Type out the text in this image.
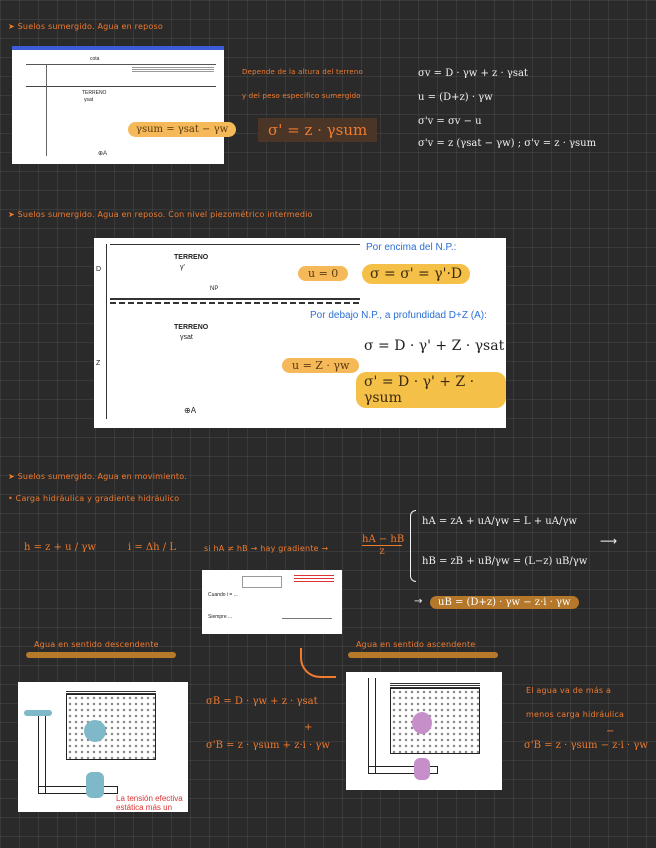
➤ Suelos sumergido. Agua en reposo
cota
TERRENO
γsat
⊕A
γsum = γsat − γw
Depende de la altura del terreno
y del peso específico sumergido
σ' = z · γsum
σv = D · γw + z · γsat
u = (D+z) · γw
σ'v = σv − u
σ'v = z (γsat − γw) ; σ'v = z · γsum
➤ Suelos sumergido. Agua en reposo. Con nivel piezométrico intermedio
D
Z
TERRENO
γ'
NP
TERRENO
γsat
⊕A
u = 0
Por encima del N.P.:
σ = σ' = γ'·D
Por debajo N.P., a profundidad D+Z (A):
σ = D · γ' + Z · γsat
u = Z · γw
σ' = D · γ' + Z · γsum
➤ Suelos sumergido. Agua en movimiento.
• Carga hidráulica y gradiente hidráulico
h = z + u / γw	i = Δh / L	si hA ≠ hB → hay gradiente →	$\frac{hA - hB}{z}$
hA = zA + uA/γw = L + uA/γw
hB = zB + uB/γw = (L−z) uB/γw
⟶
uB = (D+z) · γw − z·i · γw
→
Cuando i = ...
Siempre ...
Agua en sentido descendente	Agua en sentido ascendente
La tensión efectiva
estática más un
σB = D · γw + z · γsat
+
σ'B = z · γsum + z·i · γw
El agua va de más a
menos carga hidráulica
−
σ'B = z · γsum − z·i · γw
